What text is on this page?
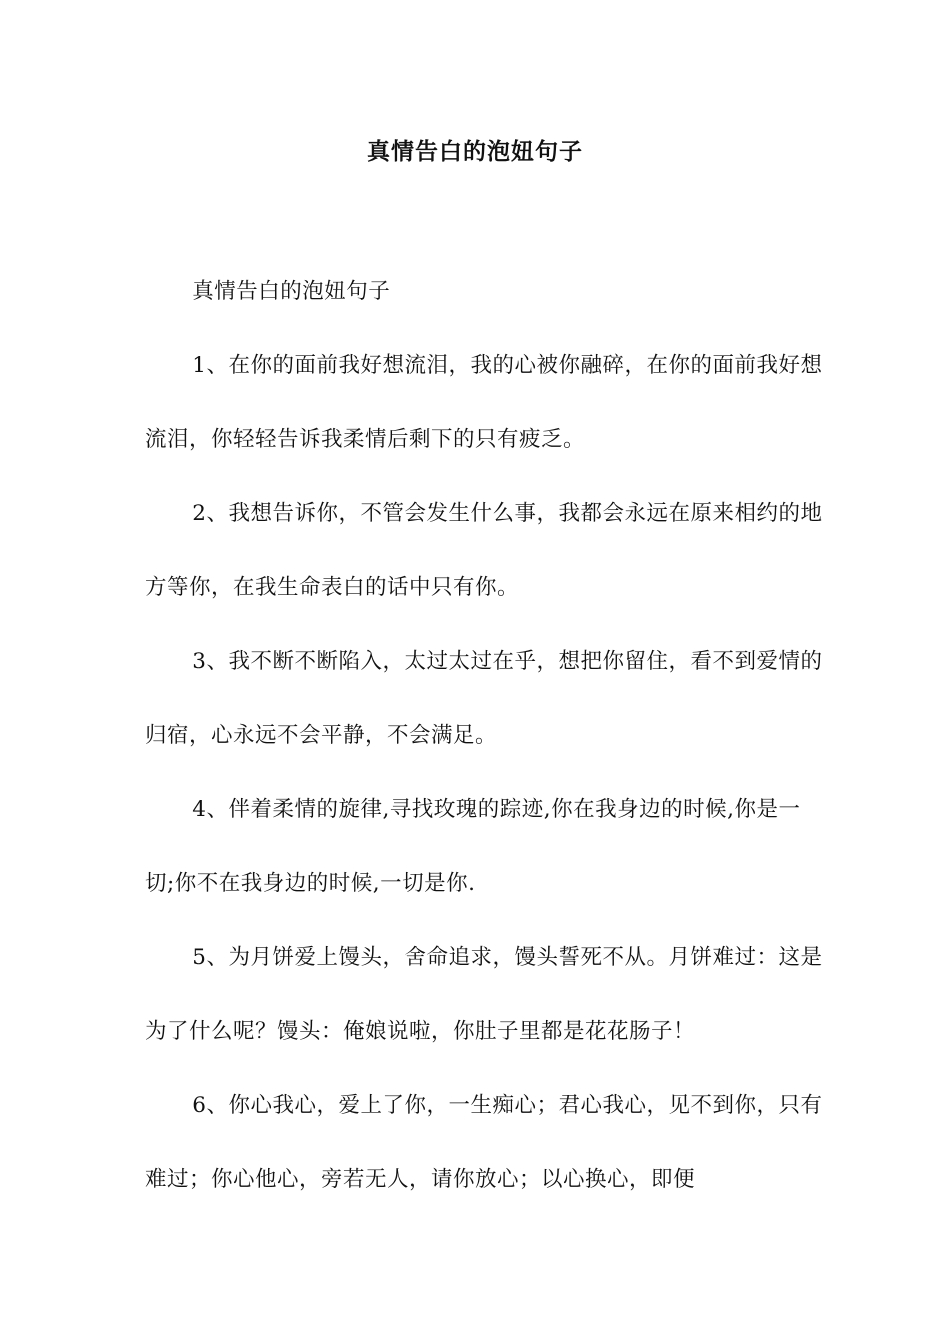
真情告白的泡妞句子

真情告白的泡妞句子

1、在你的面前我好想流泪，我的心被你融碎，在你的面前我好想流泪，你轻轻告诉我柔情后剩下的只有疲乏。

2、我想告诉你，不管会发生什么事，我都会永远在原来相约的地方等你，在我生命表白的话中只有你。

3、我不断不断陷入，太过太过在乎，想把你留住，看不到爱情的归宿，心永远不会平静，不会满足。

4、伴着柔情的旋律,寻找玫瑰的踪迹,你在我身边的时候,你是一切;你不在我身边的时候,一切是你.

5、为月饼爱上馒头，舍命追求，馒头誓死不从。月饼难过：这是为了什么呢？馒头：俺娘说啦，你肚子里都是花花肠子！

6、你心我心，爱上了你，一生痴心；君心我心，见不到你，只有难过；你心他心，旁若无人，请你放心；以心换心，即便
